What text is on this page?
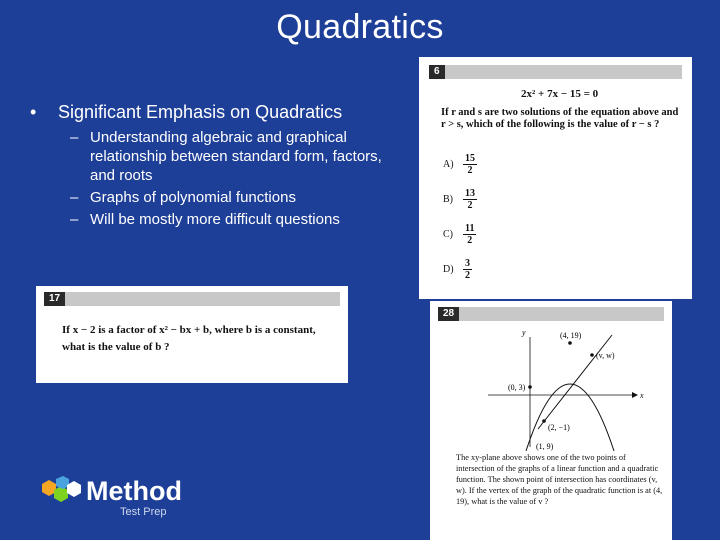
Quadratics
•	Significant Emphasis on Quadratics
– Understanding algebraic and graphical relationship between standard form, factors, and roots
– Graphs of polynomial functions
– Will be mostly more difficult questions
6
2x² + 7x − 15 = 0
If r and s are two solutions of the equation above and r > s, which of the following is the value of r − s ?
$A) \frac{15}{2}$
B)	$\frac{13}{2}$
C)	$\frac{11}{2}$
$D) \frac{3}{2}$
17
If x − 2 is a factor of x² − bx + b, where b is a constant, what is the value of b ?
28
y
x
(4, 19)
(v, w)
(0, 3)
(2, −1)
(1, 9)
The xy-plane above shows one of the two points of intersection of the graphs of a linear function and a quadratic function. The shown point of intersection has coordinates (v, w). If the vertex of the graph of the quadratic function is at (4, 19), what is the value of v ?
Method
Test Prep
